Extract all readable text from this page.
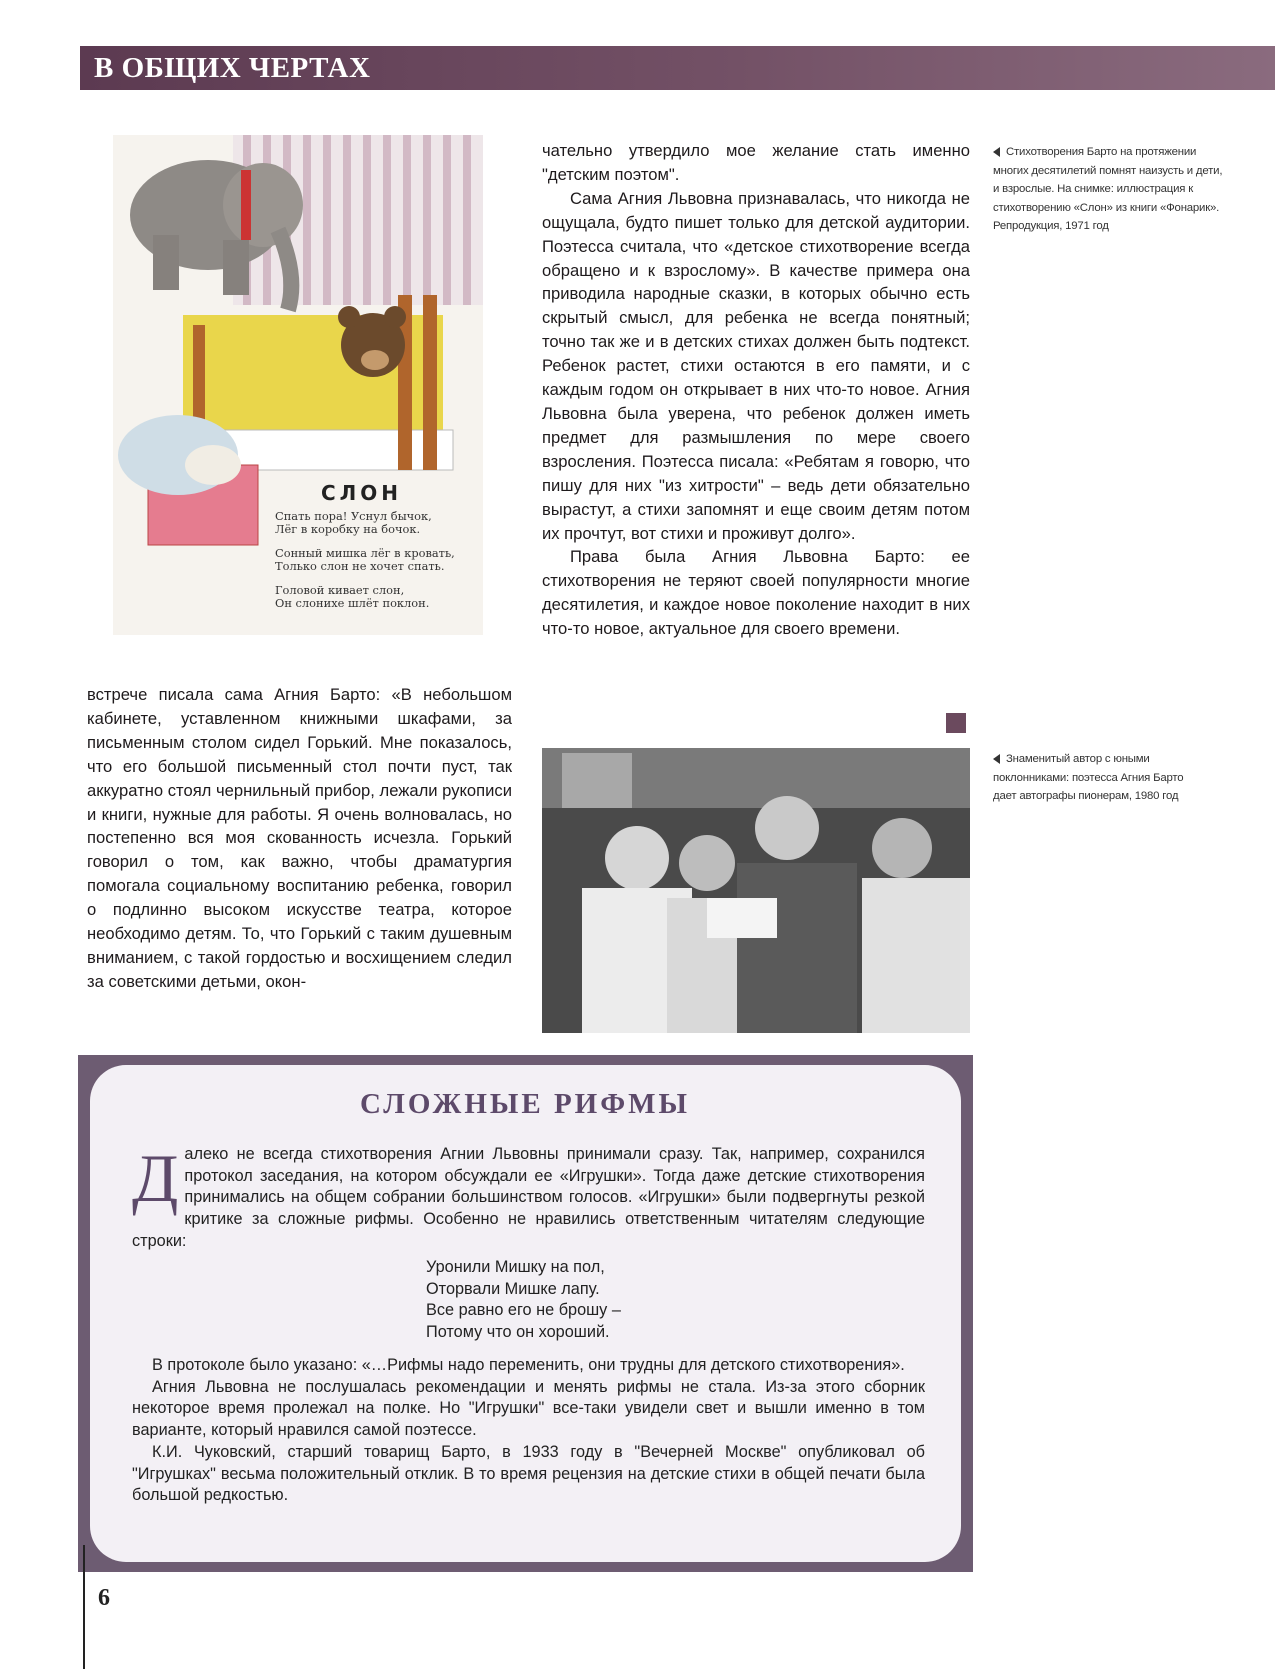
В ОБЩИХ ЧЕРТАХ
СЛОН
Спать пора! Уснул бычок,
Лёг в коробку на бочок.
Сонный мишка лёг в кровать,
Только слон не хочет спать.
Головой кивает слон,
Он слонихе шлёт поклон.

чательно утвердило мое желание стать именно "детским поэтом".

Сама Агния Львовна признавалась, что никогда не ощущала, будто пишет только для детской аудитории. Поэтесса считала, что «детское стихотворение всегда обращено и к взрослому». В качестве примера она приводила народные сказки, в которых обычно есть скрытый смысл, для ребенка не всегда понятный; точно так же и в детских стихах должен быть подтекст. Ребенок растет, стихи остаются в его памяти, и с каждым годом он открывает в них что-то новое. Агния Львовна была уверена, что ребенок должен иметь предмет для размышления по мере своего взросления. Поэтесса писала: «Ребятам я говорю, что пишу для них "из хитрости" – ведь дети обязательно вырастут, а стихи запомнят и еще своим детям потом их прочтут, вот стихи и проживут долго».

Права была Агния Львовна Барто: ее стихотворения не теряют своей популярности многие десятилетия, и каждое новое поколение находит в них что-то новое, актуальное для своего времени.

встрече писала сама Агния Барто: «В небольшом кабинете, уставленном книжными шкафами, за письменным столом сидел Горький. Мне показалось, что его большой письменный стол почти пуст, так аккуратно стоял чернильный прибор, лежали рукописи и книги, нужные для работы. Я очень волновалась, но постепенно вся моя скованность исчезла. Горький говорил о том, как важно, чтобы драматургия помогала социальному воспитанию ребенка, говорил о подлинно высоком искусстве театра, которое необходимо детям. То, что Горький с таким душевным вниманием, с такой гордостью и восхищением следил за советскими детьми, окон-

Стихотворения Барто на протяжении многих десятилетий помнят наизусть и дети, и взрослые. На снимке: иллюстрация к стихотворению «Слон» из книги «Фонарик». Репродукция, 1971 год
Знаменитый автор с юными поклонниками: поэтесса Агния Барто дает автографы пионерам, 1980 год
СЛОЖНЫЕ РИФМЫ
Д алеко не всегда стихотворения Агнии Львовны принимали сразу. Так, например, сохранился протокол заседания, на котором обсуждали ее «Игрушки». Тогда даже детские стихотворения принимались на общем собрании большинством голосов. «Игрушки» были подвергнуты резкой критике за сложные рифмы. Особенно не нравились ответственным читателям следующие строки:

Уронили Мишку на пол,
Оторвали Мишке лапу.
Все равно его не брошу –
Потому что он хороший.

В протоколе было указано: «…Рифмы надо переменить, они трудны для детского стихотворения».

Агния Львовна не послушалась рекомендации и менять рифмы не стала. Из-за этого сборник некоторое время пролежал на полке. Но "Игрушки" все-таки увидели свет и вышли именно в том варианте, который нравился самой поэтессе.

К.И. Чуковский, старший товарищ Барто, в 1933 году в "Вечерней Москве" опубликовал об "Игрушках" весьма положительный отклик. В то время рецензия на детские стихи в общей печати была большой редкостью.

6
